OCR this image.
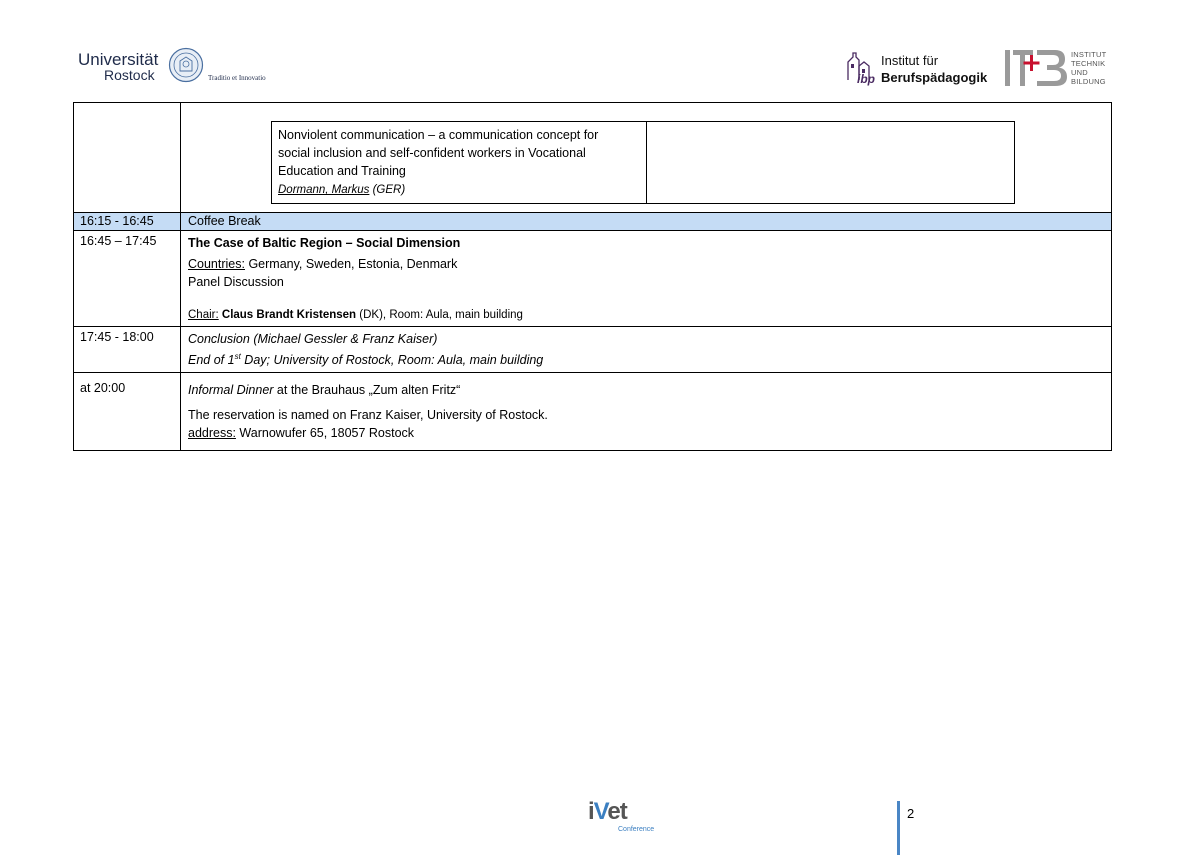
Universität
Rostock	Traditio et Innovatio	ibp
Institut für
Berufspädagogik
INSTITUT
TECHNIK
UND
BILDUNG

Nonviolent communication – a communication concept for
social inclusion and self-confident workers in Vocational
Education and Training
Dormann, Markus (GER)	

16:15 - 16:45	Coffee Break
16:45 – 17:45	The Case of Baltic Region – Social Dimension
Countries: Germany, Sweden, Estonia, Denmark
Panel Discussion
Chair: Claus Brandt Kristensen (DK), Room: Aula, main building

17:45 - 18:00	Conclusion (Michael Gessler & Franz Kaiser)
End of 1st Day; University of Rostock, Room: Aula, main building

at 20:00	Informal Dinner at the Brauhaus „Zum alten Fritz“
The reservation is named on Franz Kaiser, University of Rostock.
address: Warnowufer 65, 18057 Rostock
iVet
Conference
2
